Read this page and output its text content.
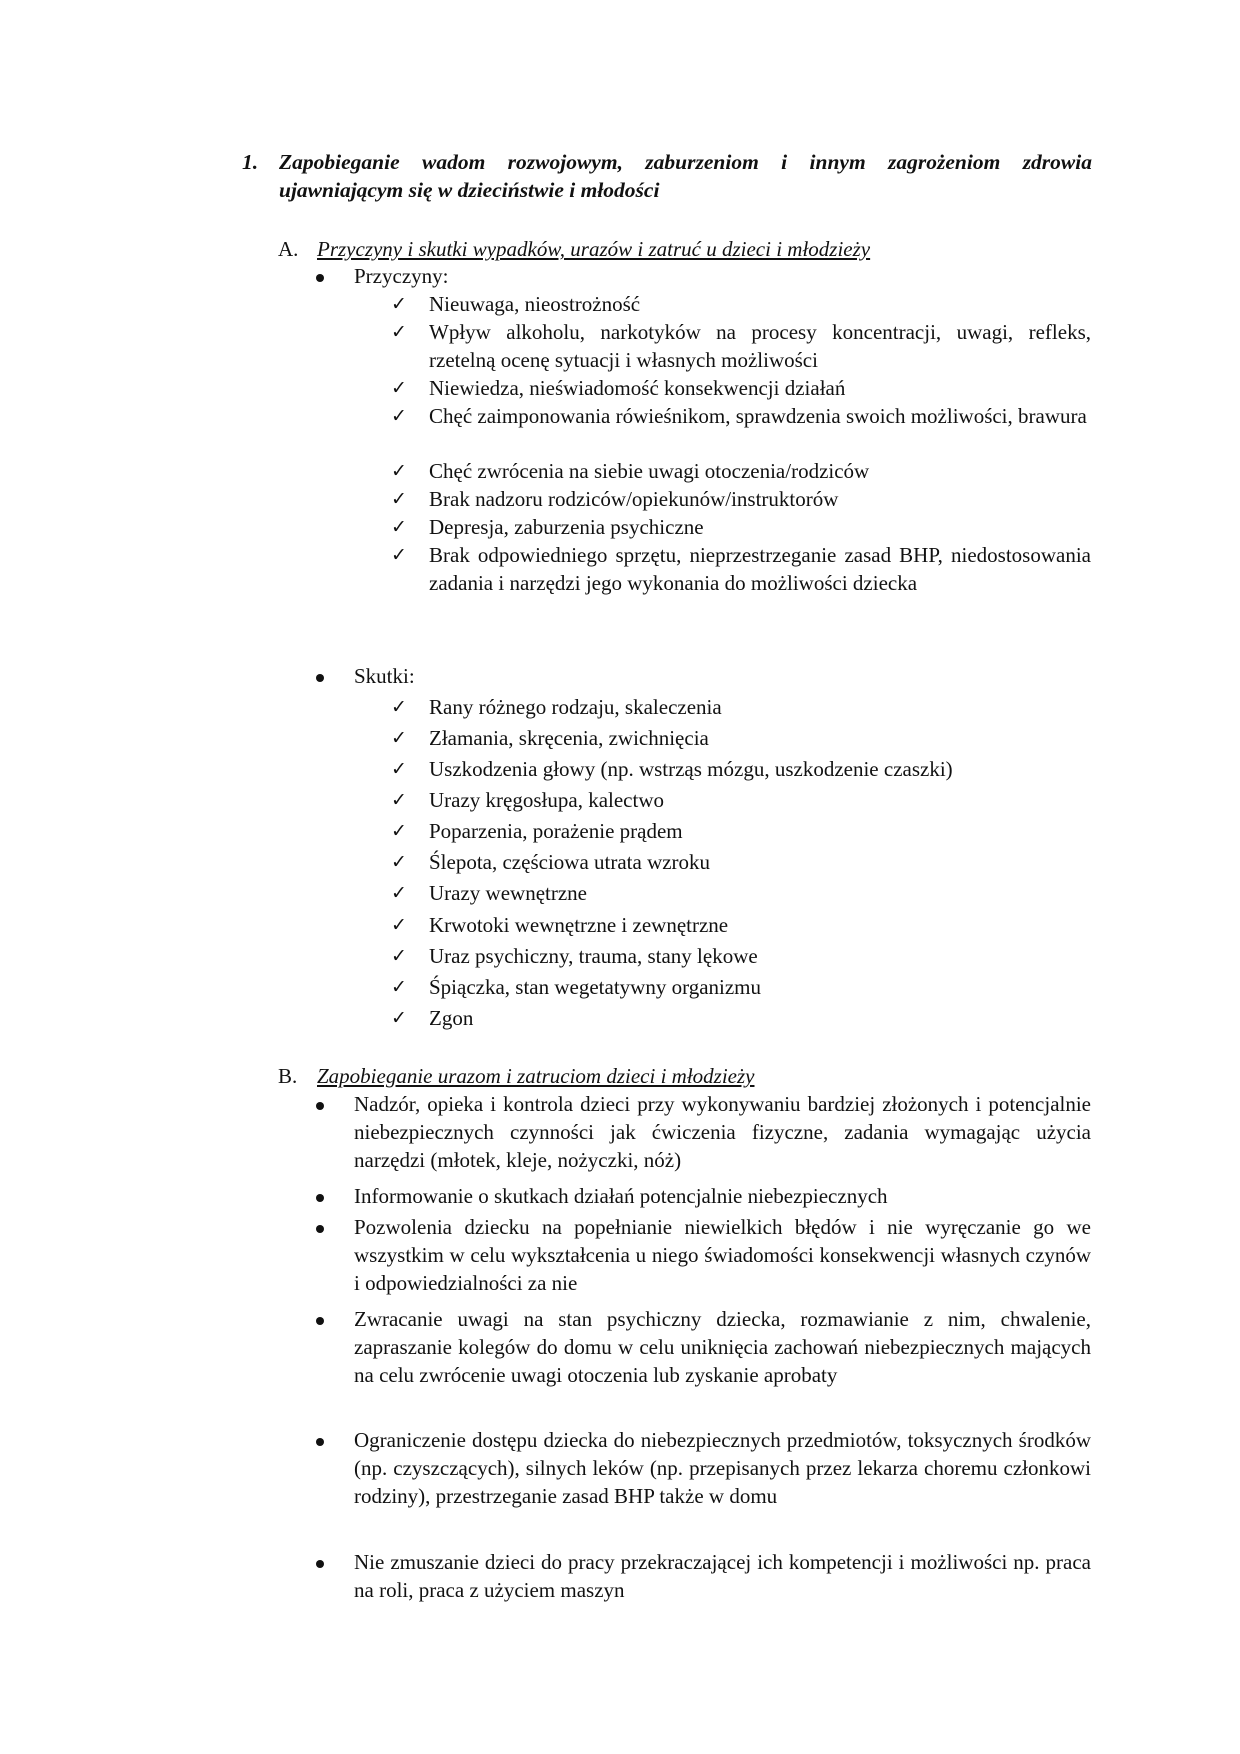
1. Zapobieganie wadom rozwojowym, zaburzeniom i innym zagrożeniom zdrowia ujawniającym się w dzieciństwie i młodości
A. Przyczyny i skutki wypadków, urazów i zatruć u dzieci i młodzieży
Przyczyny:
✓ Nieuwaga, nieostrożność
✓ Wpływ alkoholu, narkotyków na procesy koncentracji, uwagi, refleks, rzetelną ocenę sytuacji i własnych możliwości
✓ Niewiedza, nieświadomość konsekwencji działań
✓ Chęć zaimponowania rówieśnikom, sprawdzenia swoich możliwości, brawura
✓ Chęć zwrócenia na siebie uwagi otoczenia/rodziców
✓ Brak nadzoru rodziców/opiekunów/instruktorów
✓ Depresja, zaburzenia psychiczne
✓ Brak odpowiedniego sprzętu, nieprzestrzeganie zasad BHP, niedostosowania zadania i narzędzi jego wykonania do możliwości dziecka
Skutki:
✓ Rany różnego rodzaju, skaleczenia
✓ Złamania, skręcenia, zwichnięcia
✓ Uszkodzenia głowy (np. wstrząs mózgu, uszkodzenie czaszki)
✓ Urazy kręgosłupa, kalectwo
✓ Poparzenia, porażenie prądem
✓ Ślepota, częściowa utrata wzroku
✓ Urazy wewnętrzne
✓ Krwotoki wewnętrzne i zewnętrzne
✓ Uraz psychiczny, trauma, stany lękowe
✓ Śpiączka, stan wegetatywny organizmu
✓ Zgon
B. Zapobieganie urazom i zatruciom dzieci i młodzieży
Nadzór, opieka i kontrola dzieci przy wykonywaniu bardziej złożonych i potencjalnie niebezpiecznych czynności jak ćwiczenia fizyczne, zadania wymagając użycia narzędzi (młotek, kleje, nożyczki, nóż)
Informowanie o skutkach działań potencjalnie niebezpiecznych
Pozwolenia dziecku na popełnianie niewielkich błędów i nie wyręczanie go we wszystkim w celu wykształcenia u niego świadomości konsekwencji własnych czynów i odpowiedzialności za nie
Zwracanie uwagi na stan psychiczny dziecka, rozmawianie z nim, chwalenie, zapraszanie kolegów do domu w celu uniknięcia zachowań niebezpiecznych mających na celu zwrócenie uwagi otoczenia lub zyskanie aprobaty
Ograniczenie dostępu dziecka do niebezpiecznych przedmiotów, toksycznych środków (np. czyszczących), silnych leków (np. przepisanych przez lekarza choremu członkowi rodziny), przestrzeganie zasad BHP także w domu
Nie zmuszanie dzieci do pracy przekraczającej ich kompetencji i możliwości np. praca na roli, praca z użyciem maszyn
